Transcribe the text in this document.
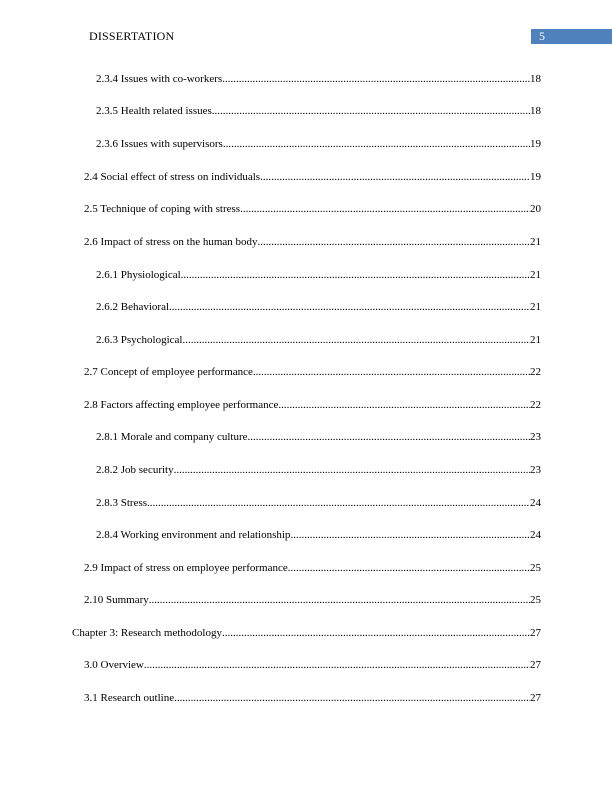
DISSERTATION	5
2.3.4 Issues with co-workers .....	18
2.3.5 Health related issues .....	18
2.3.6 Issues with supervisors .....	19
2.4 Social effect of stress on individuals .....	19
2.5 Technique of coping with stress .....	20
2.6 Impact of stress on the human body .....	21
2.6.1 Physiological .....	21
2.6.2 Behavioral .....	21
2.6.3 Psychological .....	21
2.7 Concept of employee performance .....	22
2.8 Factors affecting employee performance .....	22
2.8.1 Morale and company culture .....	23
2.8.2 Job security .....	23
2.8.3 Stress .....	24
2.8.4 Working environment and relationship .....	24
2.9 Impact of stress on employee performance .....	25
2.10 Summary .....	25
Chapter 3: Research methodology .....	27
3.0 Overview .....	27
3.1 Research outline .....	27
